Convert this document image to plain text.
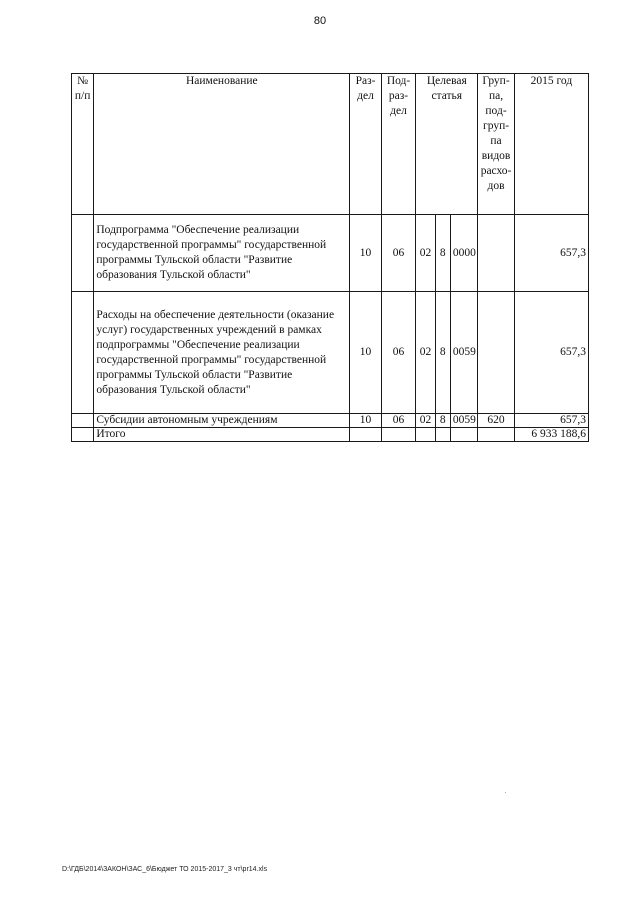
80
№ п/п	Наименование	Раз-дел	Под-раз-дел	Целевая статья			Груп-па, под-груп-па видов расхо-дов	2015 год
	Подпрограмма "Обеспечение реализации государственной программы" государственной программы Тульской области "Развитие образования Тульской области"	10	06	02	8	0000		657,3
	Расходы на обеспечение деятельности (оказание услуг) государственных учреждений в рамках подпрограммы "Обеспечение реализации государственной программы" государственной программы Тульской области "Развитие образования Тульской области"	10	06	02	8	0059		657,3
	Субсидии автономным учреждениям	10	06	02	8	0059	620	657,3
	Итого							6 933 188,6
D:\ГДБ\2014\ЗАКОН\ЗАС_6\Бюджет ТО 2015-2017_3 чт\pr14.xls
